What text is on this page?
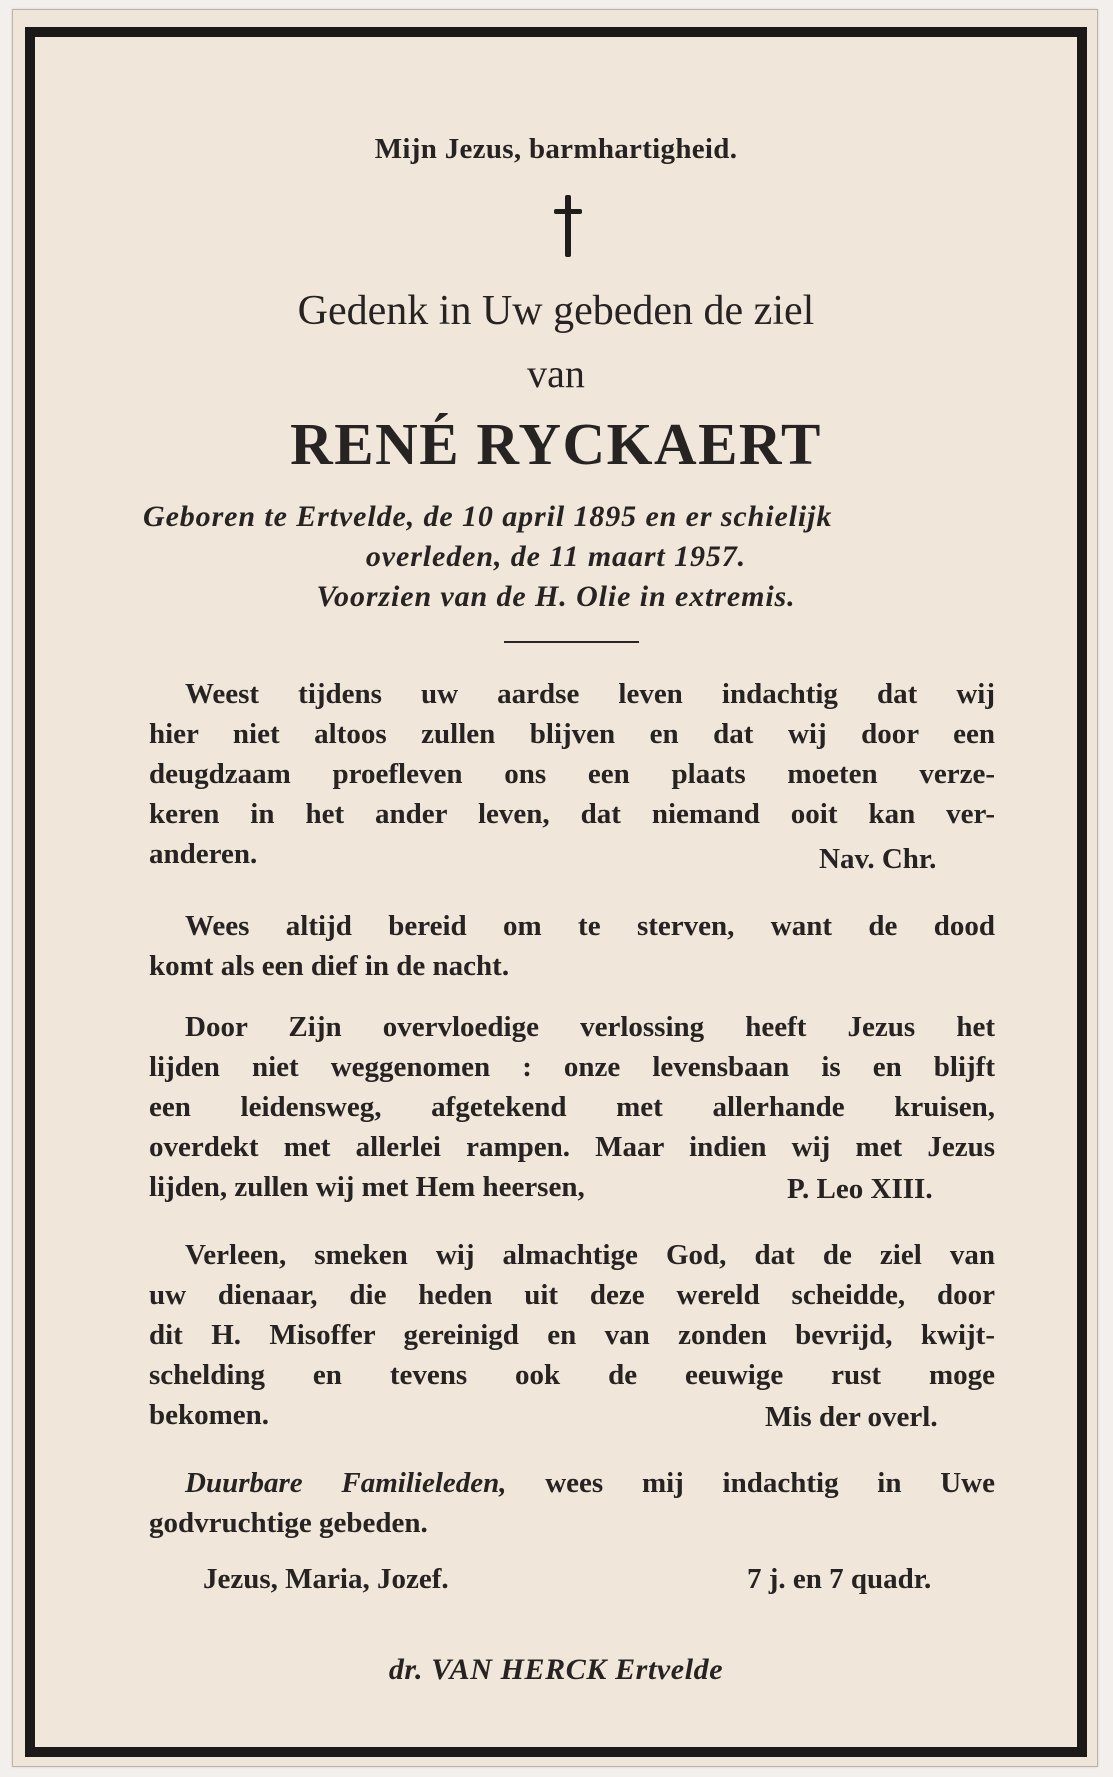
Mijn Jezus, barmhartigheid.
Gedenk in Uw gebeden de ziel
van
RENÉ RYCKAERT
Geboren te Ertvelde, de 10 april 1895 en er schielijk
overleden, de 11 maart 1957.
Voorzien van de H. Olie in extremis.
Weest tijdens uw aardse leven indachtig dat wij
hier niet altoos zullen blijven en dat wij door een
deugdzaam proefleven ons een plaats moeten verze-
keren in het ander leven, dat niemand ooit kan ver-
anderen.	Nav. Chr.
Wees altijd bereid om te sterven, want de dood
komt als een dief in de nacht.
Door Zijn overvloedige verlossing heeft Jezus het
lijden niet weggenomen : onze levensbaan is en blijft
een leidensweg, afgetekend met allerhande kruisen,
overdekt met allerlei rampen. Maar indien wij met Jezus
lijden, zullen wij met Hem heersen,	P. Leo XIII.
Verleen, smeken wij almachtige God, dat de ziel van
uw dienaar, die heden uit deze wereld scheidde, door
dit H. Misoffer gereinigd en van zonden bevrijd, kwijt-
schelding en tevens ook de eeuwige rust moge
bekomen.	Mis der overl.
Duurbare Familieleden, wees mij indachtig in Uwe
godvruchtige gebeden.
Jezus, Maria, Jozef.	7 j. en 7 quadr.
dr. VAN HERCK Ertvelde
